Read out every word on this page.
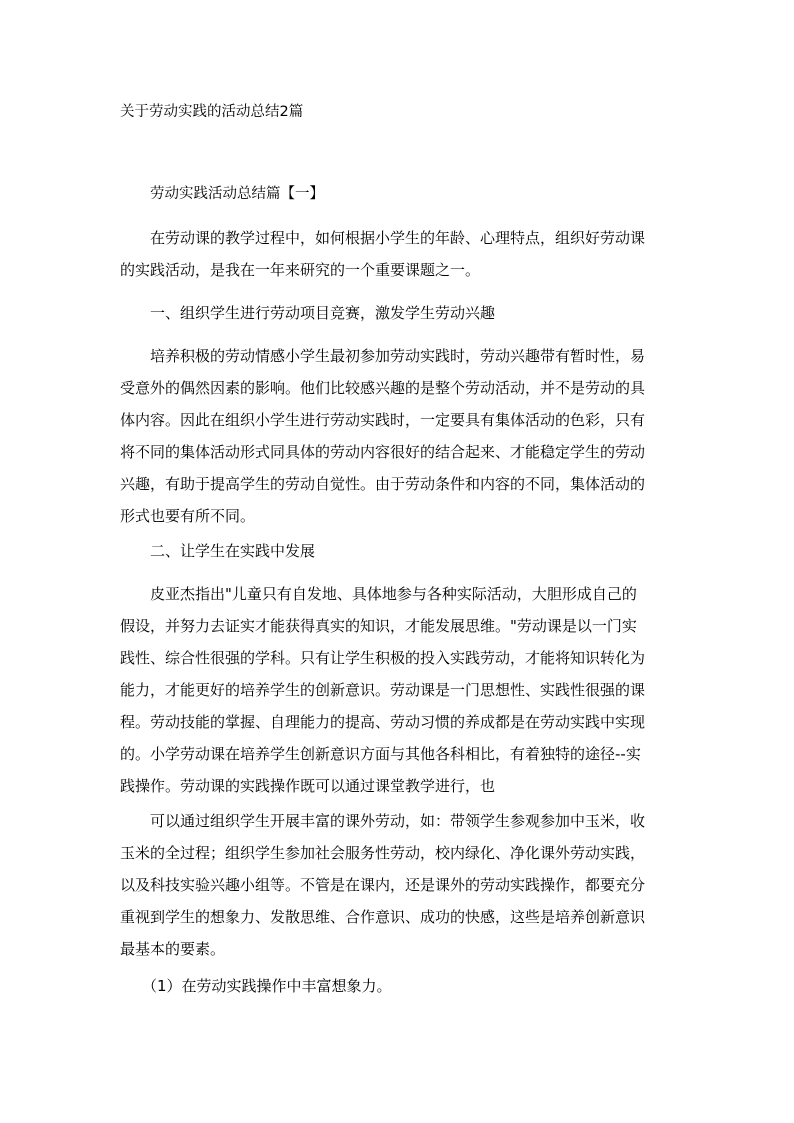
关于劳动实践的活动总结2篇
劳动实践活动总结篇【一】
在劳动课的教学过程中，如何根据小学生的年龄、心理特点，组织好劳动课
的实践活动，是我在一年来研究的一个重要课题之一。
一、组织学生进行劳动项目竞赛，激发学生劳动兴趣
培养积极的劳动情感小学生最初参加劳动实践时，劳动兴趣带有暂时性，易
受意外的偶然因素的影响。他们比较感兴趣的是整个劳动活动，并不是劳动的具
体内容。因此在组织小学生进行劳动实践时，一定要具有集体活动的色彩，只有
将不同的集体活动形式同具体的劳动内容很好的结合起来、才能稳定学生的劳动
兴趣，有助于提高学生的劳动自觉性。由于劳动条件和内容的不同，集体活动的
形式也要有所不同。
二、让学生在实践中发展
皮亚杰指出"儿童只有自发地、具体地参与各种实际活动，大胆形成自己的
假设，并努力去证实才能获得真实的知识，才能发展思维。"劳动课是以一门实
践性、综合性很强的学科。只有让学生积极的投入实践劳动，才能将知识转化为
能力，才能更好的培养学生的创新意识。劳动课是一门思想性、实践性很强的课
程。劳动技能的掌握、自理能力的提高、劳动习惯的养成都是在劳动实践中实现
的。小学劳动课在培养学生创新意识方面与其他各科相比，有着独特的途径--实
践操作。劳动课的实践操作既可以通过课堂教学进行，也
可以通过组织学生开展丰富的课外劳动，如：带领学生参观参加中玉米，收
玉米的全过程；组织学生参加社会服务性劳动，校内绿化、净化课外劳动实践，
以及科技实验兴趣小组等。不管是在课内，还是课外的劳动实践操作，都要充分
重视到学生的想象力、发散思维、合作意识、成功的快感，这些是培养创新意识
最基本的要素。
（1）在劳动实践操作中丰富想象力。
